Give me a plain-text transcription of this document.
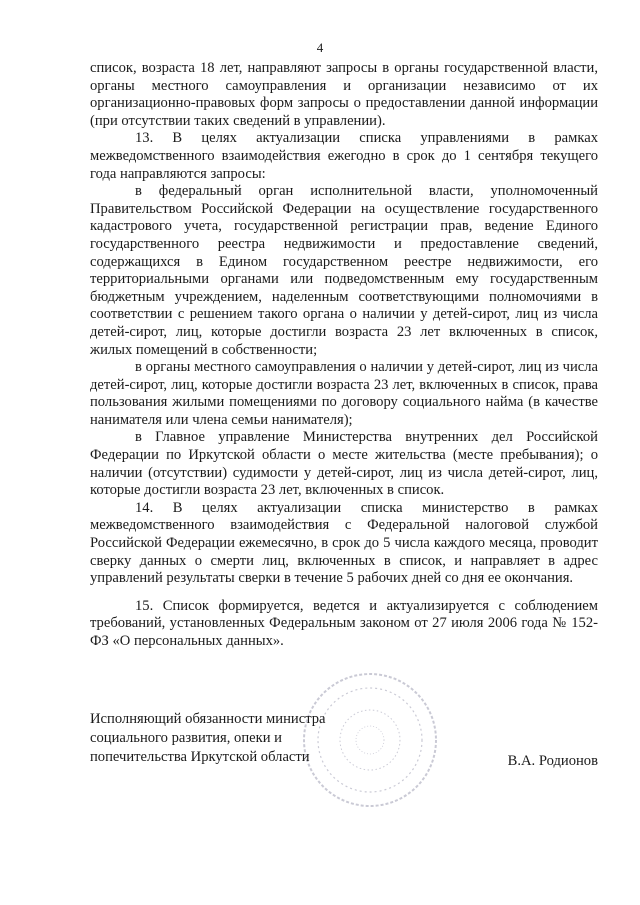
4

список, возраста 18 лет, направляют запросы в органы государственной власти, органы местного самоуправления и организации независимо от их организационно-правовых форм запросы о предоставлении данной информации (при отсутствии таких сведений в управлении).

13. В целях актуализации списка управлениями в рамках межведомственного взаимодействия ежегодно в срок до 1 сентября текущего года направляются запросы:

в федеральный орган исполнительной власти, уполномоченный Правительством Российской Федерации на осуществление государственного кадастрового учета, государственной регистрации прав, ведение Единого государственного реестра недвижимости и предоставление сведений, содержащихся в Едином государственном реестре недвижимости, его территориальными органами или подведомственным ему государственным бюджетным учреждением, наделенным соответствующими полномочиями в соответствии с решением такого органа о наличии у детей-сирот, лиц из числа детей-сирот, лиц, которые достигли возраста 23 лет включенных в список, жилых помещений в собственности;

в органы местного самоуправления о наличии у детей-сирот, лиц из числа детей-сирот, лиц, которые достигли возраста 23 лет, включенных в список, права пользования жилыми помещениями по договору социального найма (в качестве нанимателя или члена семьи нанимателя);

в Главное управление Министерства внутренних дел Российской Федерации по Иркутской области о месте жительства (месте пребывания); о наличии (отсутствии) судимости у детей-сирот, лиц из числа детей-сирот, лиц, которые достигли возраста 23 лет, включенных в список.

14. В целях актуализации списка министерство в рамках межведомственного взаимодействия с Федеральной налоговой службой Российской Федерации ежемесячно, в срок до 5 числа каждого месяца, проводит сверку данных о смерти лиц, включенных в список, и направляет в адрес управлений результаты сверки в течение 5 рабочих дней со дня ее окончания.

15. Список формируется, ведется и актуализируется с соблюдением требований, установленных Федеральным законом от 27 июля 2006 года № 152-ФЗ «О персональных данных».

Исполняющий обязанности министра
социального развития, опеки и
попечительства Иркутской области	В.А. Родионов
